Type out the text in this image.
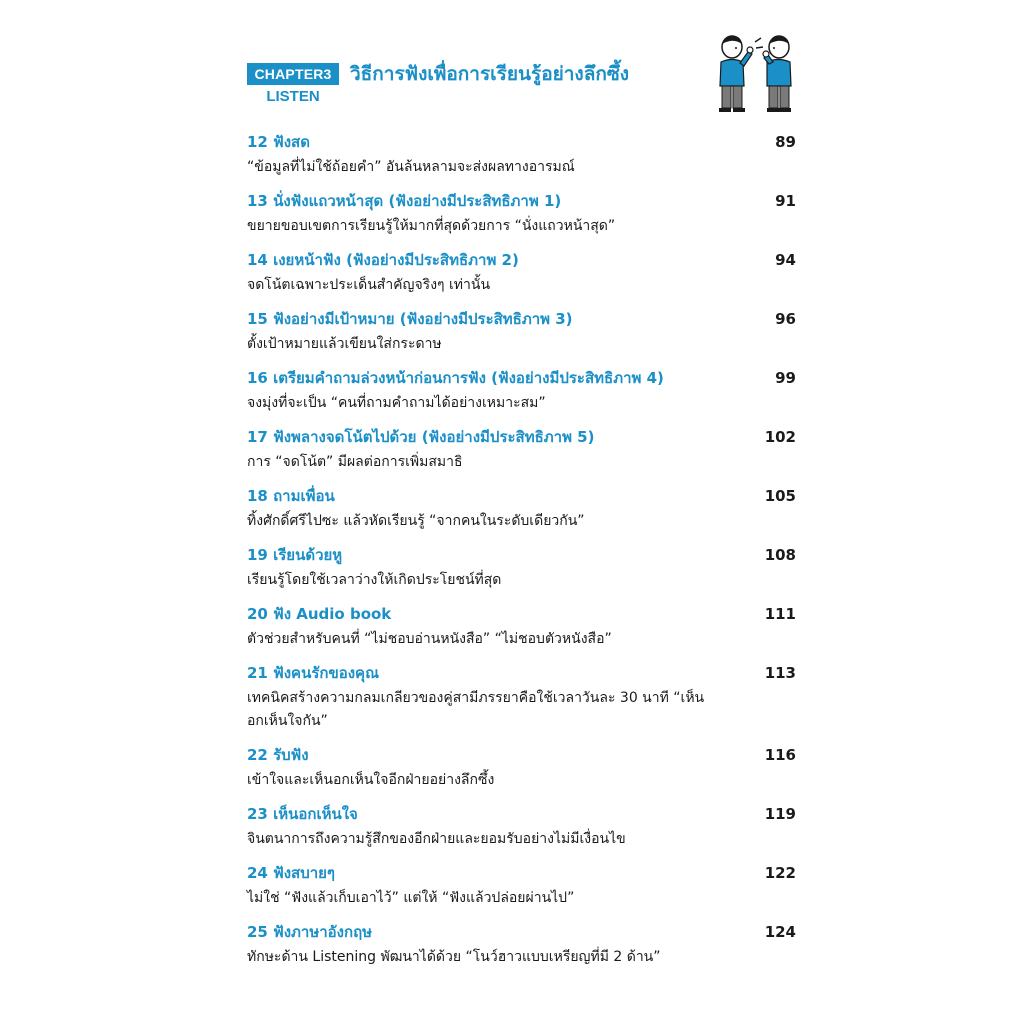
CHAPTER3
LISTEN
วิธีการฟังเพื่อการเรียนรู้อย่างลึกซึ้ง
12 ฟังสด	89
“ข้อมูลที่ไม่ใช้ถ้อยคำ” อันล้นหลามจะส่งผลทางอารมณ์
13 นั่งฟังแถวหน้าสุด (ฟังอย่างมีประสิทธิภาพ 1)	91
ขยายขอบเขตการเรียนรู้ให้มากที่สุดด้วยการ “นั่งแถวหน้าสุด”
14 เงยหน้าฟัง (ฟังอย่างมีประสิทธิภาพ 2)	94
จดโน้ตเฉพาะประเด็นสำคัญจริงๆ เท่านั้น
15 ฟังอย่างมีเป้าหมาย (ฟังอย่างมีประสิทธิภาพ 3)	96
ตั้งเป้าหมายแล้วเขียนใส่กระดาษ
16 เตรียมคำถามล่วงหน้าก่อนการฟัง (ฟังอย่างมีประสิทธิภาพ 4)	99
จงมุ่งที่จะเป็น “คนที่ถามคำถามได้อย่างเหมาะสม”
17 ฟังพลางจดโน้ตไปด้วย (ฟังอย่างมีประสิทธิภาพ 5)	102
การ “จดโน้ต” มีผลต่อการเพิ่มสมาธิ
18 ถามเพื่อน	105
ทิ้งศักดิ์ศรีไปซะ แล้วหัดเรียนรู้ “จากคนในระดับเดียวกัน”
19 เรียนด้วยหู	108
เรียนรู้โดยใช้เวลาว่างให้เกิดประโยชน์ที่สุด
20 ฟัง Audio book	111
ตัวช่วยสำหรับคนที่ “ไม่ชอบอ่านหนังสือ” “ไม่ชอบตัวหนังสือ”
21 ฟังคนรักของคุณ	113
เทคนิคสร้างความกลมเกลียวของคู่สามีภรรยาคือใช้เวลาวันละ 30 นาที “เห็นอกเห็นใจกัน”
22 รับฟัง	116
เข้าใจและเห็นอกเห็นใจอีกฝ่ายอย่างลึกซึ้ง
23 เห็นอกเห็นใจ	119
จินตนาการถึงความรู้สึกของอีกฝ่ายและยอมรับอย่างไม่มีเงื่อนไข
24 ฟังสบายๆ	122
ไม่ใช่ “ฟังแล้วเก็บเอาไว้” แต่ให้ “ฟังแล้วปล่อยผ่านไป”
25 ฟังภาษาอังกฤษ	124
ทักษะด้าน Listening พัฒนาได้ด้วย “โนว์ฮาวแบบเหรียญที่มี 2 ด้าน”
